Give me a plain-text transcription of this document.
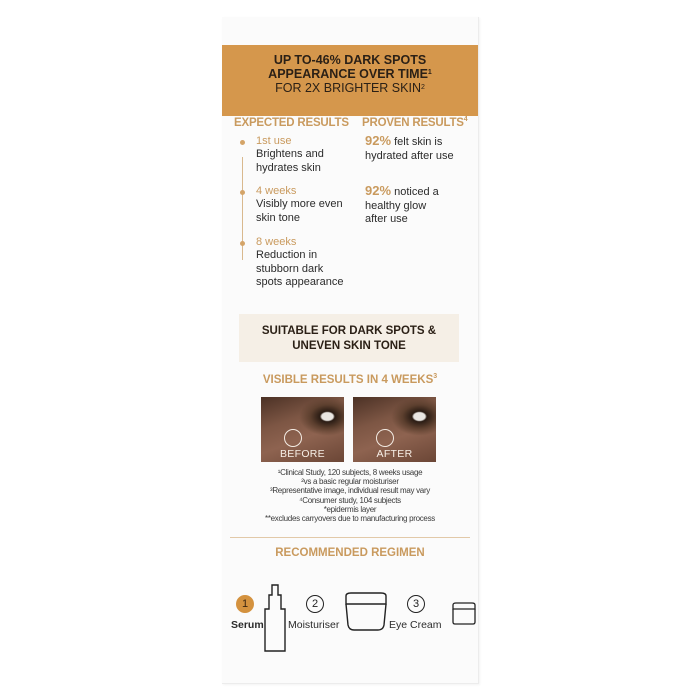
UP TO-46% DARK SPOTS
APPEARANCE OVER TIME$^1$
FOR 2X BRIGHTER SKIN$^2$
EXPECTED RESULTS PROVEN RESULTS$^4$
1st use
Brightens and
hydrates skin
4 weeks
Visibly more even
skin tone
8 weeks
Reduction in
stubborn dark
spots appearance
92% felt skin is
hydrated after use
92% noticed a
healthy glow
after use
SUITABLE FOR DARK SPOTS &
UNEVEN SKIN TONE
VISIBLE RESULTS IN 4 WEEKS$^3$
BEFORE	AFTER
¹Clinical Study, 120 subjects, 8 weeks usage
²vs a basic regular moisturiser
³Representative image, individual result may vary
⁴Consumer study, 104 subjects
*epidermis layer
**excludes carryovers due to manufacturing process
RECOMMENDED REGIMEN
1
Serum
2
Moisturiser
3
Eye Cream
